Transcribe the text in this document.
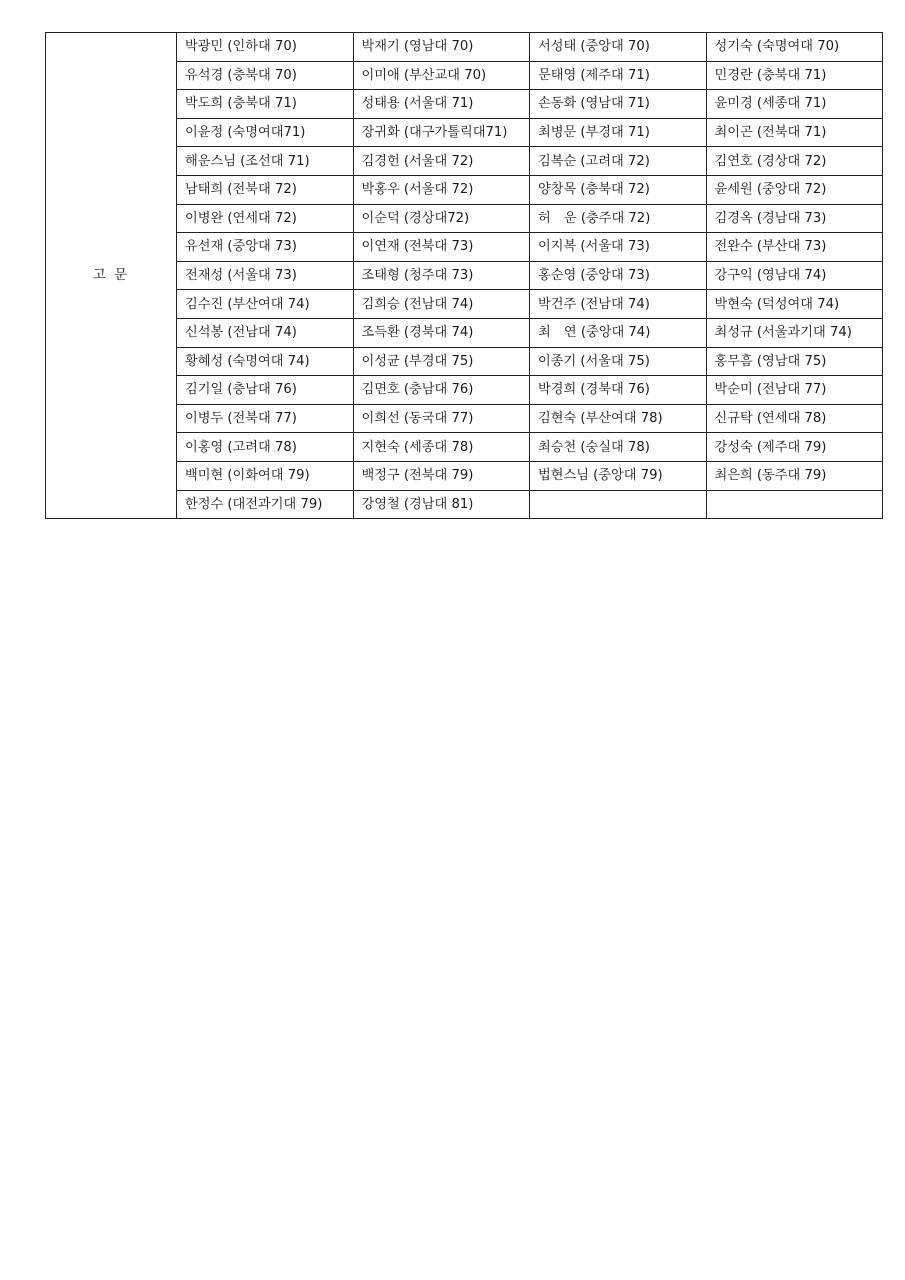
고 문	박광민 (인하대 70)	박재기 (영남대 70)	서성태 (중앙대 70)	성기숙 (숙명여대 70)
	유석경 (충북대 70)	이미애 (부산교대 70)	문태영 (제주대 71)	민경란 (충북대 71)
	박도희 (충북대 71)	성태용 (서울대 71)	손동화 (영남대 71)	윤미경 (세종대 71)
	이윤정 (숙명여대71)	장귀화 (대구가톨릭대71)	최병문 (부경대 71)	최이곤 (전북대 71)
	해운스님 (조선대 71)	김경헌 (서울대 72)	김복순 (고려대 72)	김연호 (경상대 72)
	남태희 (전북대 72)	박홍우 (서울대 72)	양창목 (충북대 72)	윤세원 (중앙대 72)
	이병완 (연세대 72)	이순덕 (경상대72)	허　운 (충주대 72)	김경옥 (경남대 73)
	유선재 (중앙대 73)	이연재 (전북대 73)	이지복 (서울대 73)	전완수 (부산대 73)
	전재성 (서울대 73)	조태형 (청주대 73)	홍순영 (중앙대 73)	강구익 (영남대 74)
	김수진 (부산여대 74)	김희승 (전남대 74)	박건주 (전남대 74)	박현숙 (덕성여대 74)
	신석봉 (전남대 74)	조득환 (경북대 74)	최　연 (중앙대 74)	최성규 (서울과기대 74)
	황혜성 (숙명여대 74)	이성균 (부경대 75)	이종기 (서울대 75)	홍무흠 (영남대 75)
	김기일 (충남대 76)	김면호 (충남대 76)	박경희 (경북대 76)	박순미 (전남대 77)
	이병두 (전북대 77)	이희선 (동국대 77)	김현숙 (부산여대 78)	신규탁 (연세대 78)
	이홍영 (고려대 78)	지현숙 (세종대 78)	최승천 (숭실대 78)	강성숙 (제주대 79)
	백미현 (이화여대 79)	백정구 (전북대 79)	법현스님 (중앙대 79)	최은희 (동주대 79)
	한정수 (대전과기대 79)	강영철 (경남대 81)		
